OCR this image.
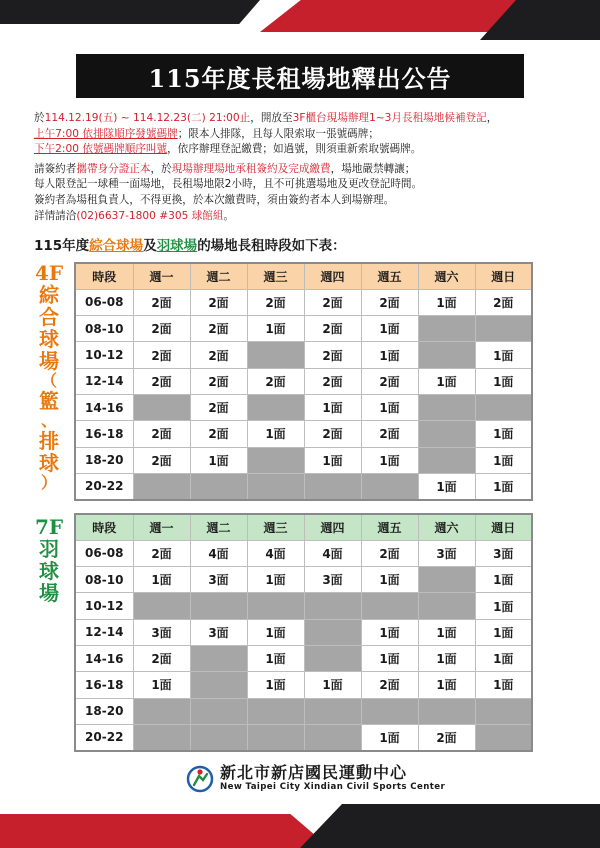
115年度長租場地釋出公告
於114.12.19(五) ~ 114.12.23(二) 21:00止，開放至3F櫃台現場辦理1~3月長租場地候補登記，
上午7:00 依排隊順序發號碼牌；限本人排隊，且每人限索取一張號碼牌；
下午2:00 依號碼牌順序叫號，依序辦理登記繳費；如過號，則須重新索取號碼牌。
請簽約者攜帶身分證正本，於現場辦理場地承租簽約及完成繳費，場地嚴禁轉讓；
每人限登記一球種一面場地，長租場地限2小時，且不可挑選場地及更改登記時間。
簽約者為場租負責人，不得更換，於本次繳費時，須由簽約者本人到場辦理。
詳情請洽(02)6637-1800 #305 球館組。
115年度綜合球場及羽球場的場地長租時段如下表：
4F
綜
合
球
場
（
籃
、
排
球
）
7F
羽
球
場
時段	週一	週二	週三	週四	週五	週六	週日
06-08	2面	2面	2面	2面	2面	1面	2面
08-10	2面	2面	1面	2面	1面		
10-12	2面	2面		2面	1面		1面
12-14	2面	2面	2面	2面	2面	1面	1面
14-16		2面		1面	1面		
16-18	2面	2面	1面	2面	2面		1面
18-20	2面	1面		1面	1面		1面
20-22						1面	1面
時段	週一	週二	週三	週四	週五	週六	週日
06-08	2面	4面	4面	4面	2面	3面	3面
08-10	1面	3面	1面	3面	1面		1面
10-12							1面
12-14	3面	3面	1面		1面	1面	1面
14-16	2面		1面		1面	1面	1面
16-18	1面		1面	1面	2面	1面	1面
18-20							
20-22					1面	2面	
新北市新店國民運動中心
New Taipei City Xindian Civil Sports Center
